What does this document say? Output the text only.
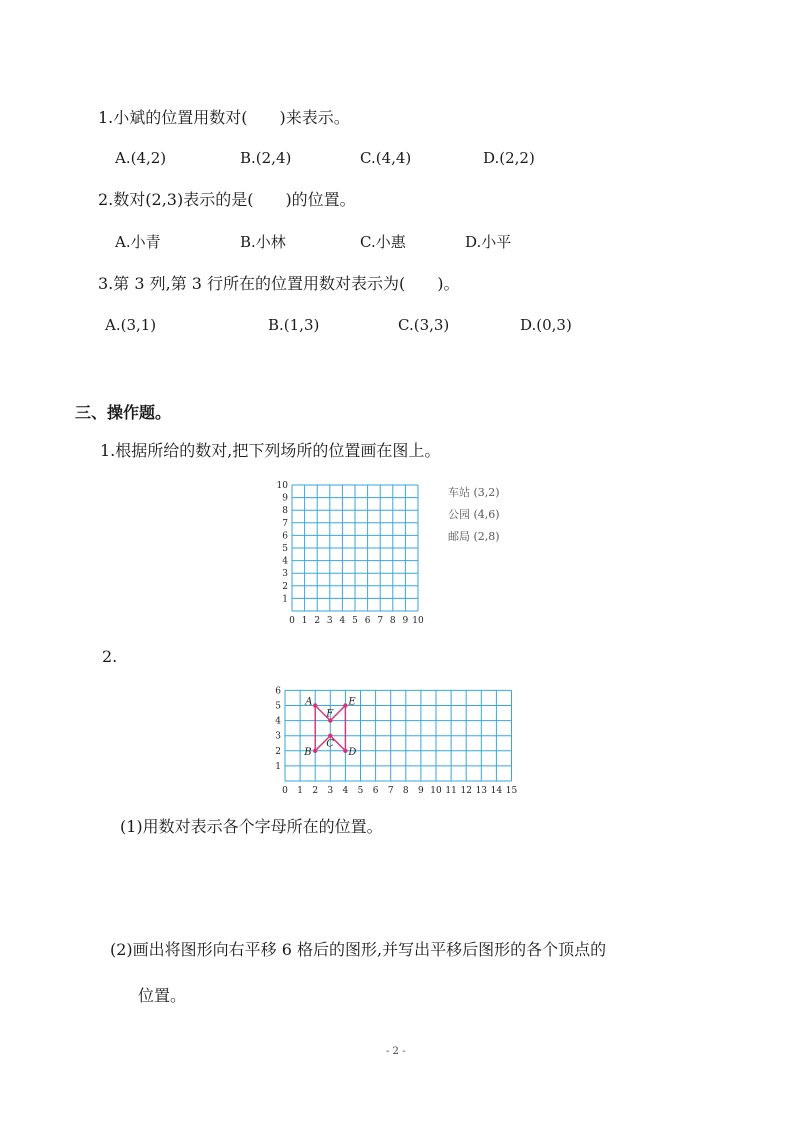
1.小斌的位置用数对(　　)来表示。
A.(4,2)	B.(2,4)	C.(4,4)	D.(2,2)
2.数对(2,3)表示的是(　　)的位置。
A.小青	B.小林	C.小惠	D.小平
3.第 3 列,第 3 行所在的位置用数对表示为(　　)。
A.(3,1)	B.(1,3)	C.(3,3)	D.(0,3)
三、操作题。
1.根据所给的数对,把下列场所的位置画在图上。
0 1 2 3 4 5 6 7 8 9 10
1
2
3
4
5
6
7
8
9
10	车站 (3,2)
公园 (4,6)
邮局 (2,8)
2.
0 1 2 3 4 5 6 7 8 9 10 11 12 13 14 15
1
2
3
4
5
6
A
F
E
D
C
B
(1)用数对表示各个字母所在的位置。
(2)画出将图形向右平移 6 格后的图形,并写出平移后图形的各个顶点的
位置。
- 2 -
